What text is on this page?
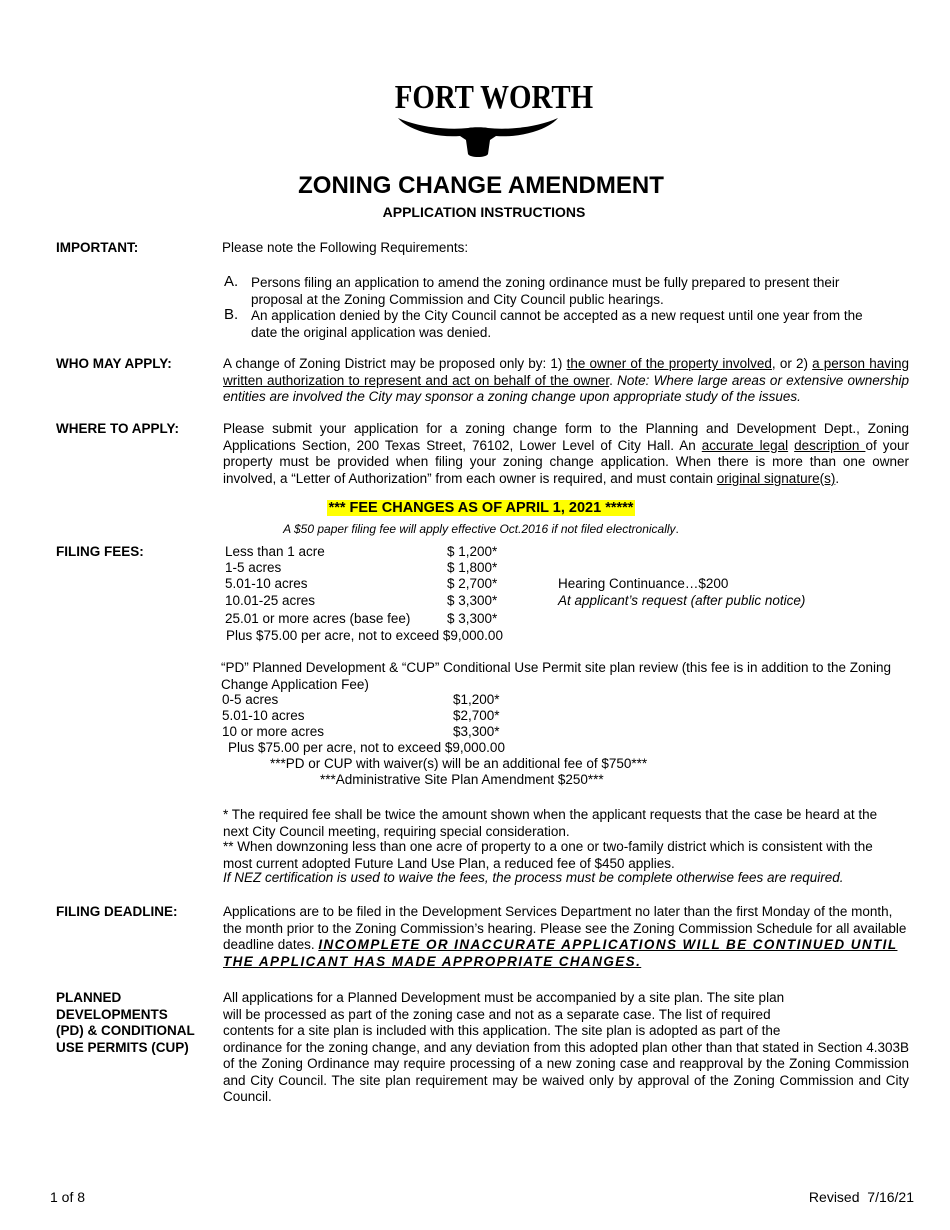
FORT WORTH
ZONING CHANGE AMENDMENT
APPLICATION INSTRUCTIONS
IMPORTANT:	Please note the Following Requirements:
A. Persons filing an application to amend the zoning ordinance must be fully prepared to present their proposal at the Zoning Commission and City Council public hearings.
B. An application denied by the City Council cannot be accepted as a new request until one year from the date the original application was denied.
WHO MAY APPLY:	A change of Zoning District may be proposed only by: 1) the owner of the property involved, or 2) a person having written authorization to represent and act on behalf of the owner. Note: Where large areas or extensive ownership entities are involved the City may sponsor a zoning change upon appropriate study of the issues.
WHERE TO APPLY:	Please submit your application for a zoning change form to the Planning and Development Dept., Zoning Applications Section, 200 Texas Street, 76102, Lower Level of City Hall. An accurate legal description of your property must be provided when filing your zoning change application. When there is more than one owner involved, a “Letter of Authorization” from each owner is required, and must contain original signature(s).
*** FEE CHANGES AS OF APRIL 1, 2021 *****
A $50 paper filing fee will apply effective Oct.2016 if not filed electronically.
FILING FEES:	Less than 1 acre	$ 1,200*
1-5 acres	$ 1,800*
5.01-10 acres	$ 2,700*
10.01-25 acres	$ 3,300*
25.01 or more acres (base fee)	$ 3,300*
Plus $75.00 per acre, not to exceed $9,000.00
Hearing Continuance…$200
At applicant’s request (after public notice)
“PD” Planned Development & “CUP” Conditional Use Permit site plan review (this fee is in addition to the Zoning Change Application Fee)
0-5 acres	$1,200*
5.01-10 acres	$2,700*
10 or more acres	$3,300*
Plus $75.00 per acre, not to exceed $9,000.00
***PD or CUP with waiver(s) will be an additional fee of $750***
***Administrative Site Plan Amendment $250***
* The required fee shall be twice the amount shown when the applicant requests that the case be heard at the next City Council meeting, requiring special consideration.
** When downzoning less than one acre of property to a one or two-family district which is consistent with the most current adopted Future Land Use Plan, a reduced fee of $450 applies.
If NEZ certification is used to waive the fees, the process must be complete otherwise fees are required.
FILING DEADLINE:	Applications are to be filed in the Development Services Department no later than the first Monday of the month, the month prior to the Zoning Commission’s hearing. Please see the Zoning Commission Schedule for all available deadline dates. INCOMPLETE OR INACCURATE APPLICATIONS WILL BE CONTINUED UNTIL THE APPLICANT HAS MADE APPROPRIATE CHANGES.
PLANNED
DEVELOPMENTS
(PD) & CONDITIONAL
USE PERMITS (CUP)
All applications for a Planned Development must be accompanied by a site plan. The site plan
will be processed as part of the zoning case and not as a separate case. The list of required
contents for a site plan is included with this application. The site plan is adopted as part of the
ordinance for the zoning change, and any deviation from this adopted plan other than that stated in Section 4.303B of the Zoning Ordinance may require processing of a new zoning case and reapproval by the Zoning Commission and City Council. The site plan requirement may be waived only by approval of the Zoning Commission and City Council.
1 of 8	Revised  7/16/21
